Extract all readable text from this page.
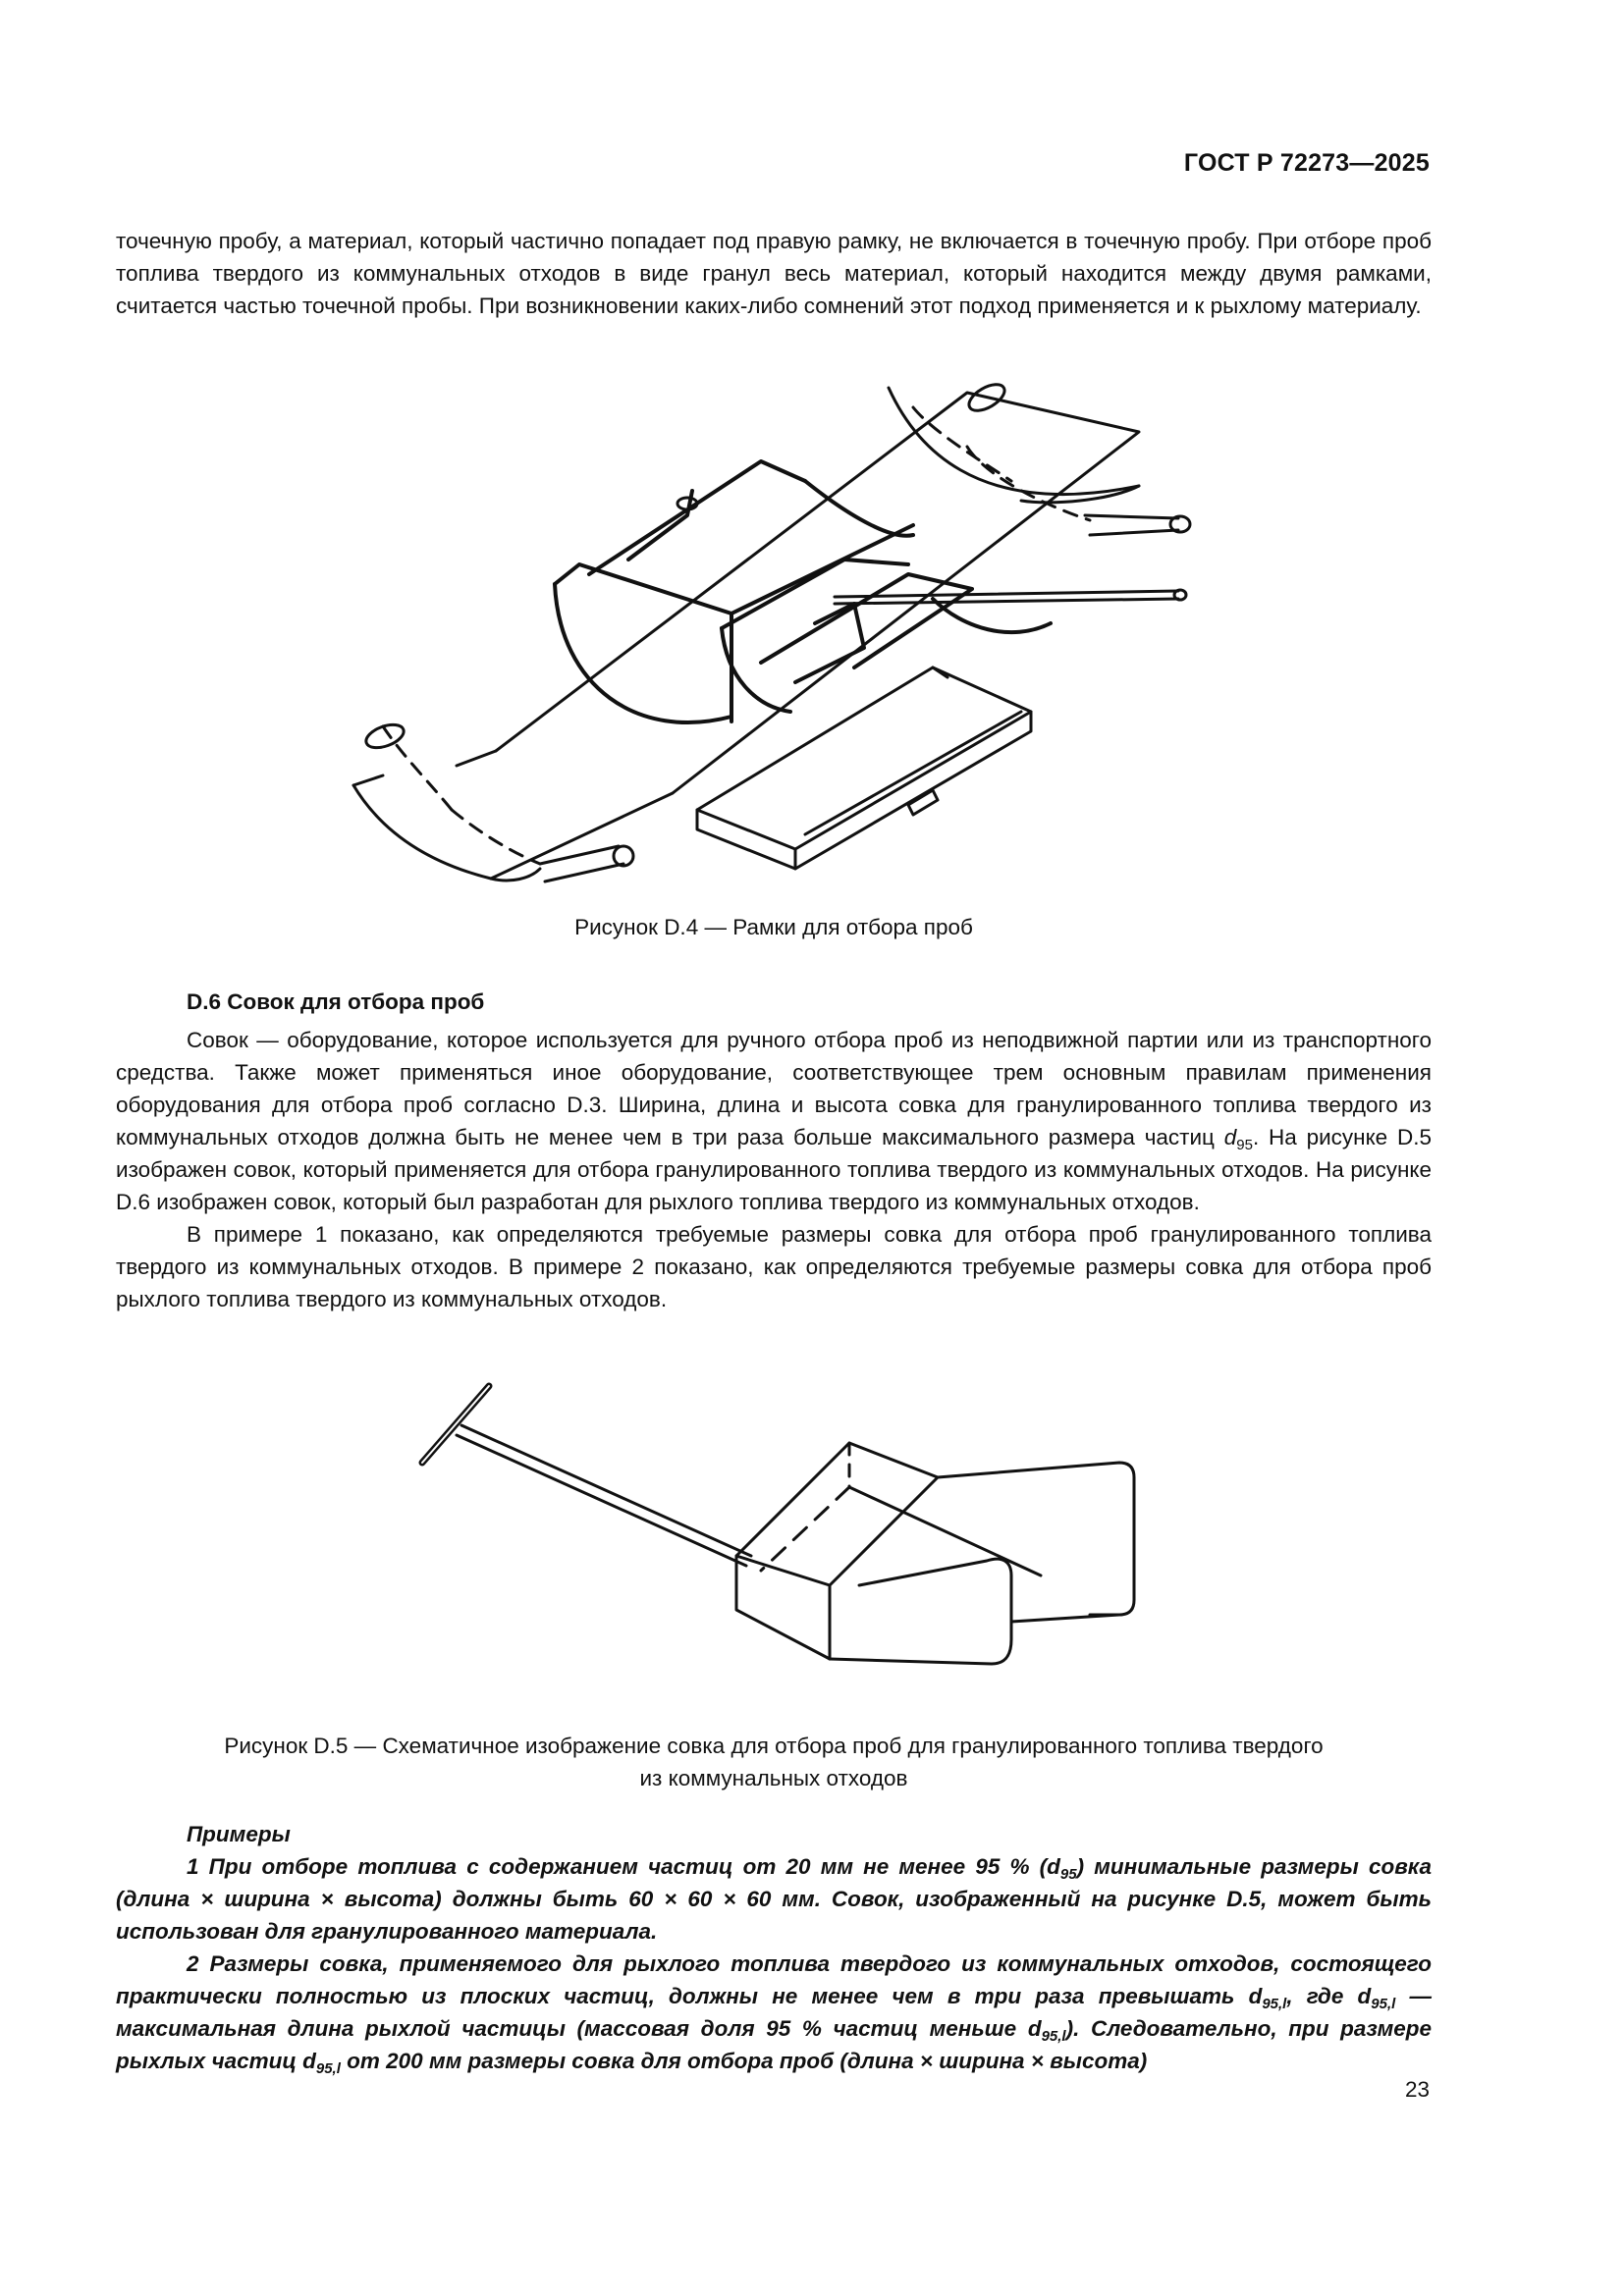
ГОСТ Р 72273—2025

точечную пробу, а материал, который частично попадает под правую рамку, не включается в точечную пробу. При отборе проб топлива твердого из коммунальных отходов в виде гранул весь материал, который находится между двумя рамками, считается частью точечной пробы. При возникновении каких-либо сомнений этот подход применяется и к рыхлому материалу.

Рисунок D.4 — Рамки для отбора проб
D.6 Совок для отбора проб

Совок — оборудование, которое используется для ручного отбора проб из неподвижной партии или из транспортного средства. Также может применяться иное оборудование, соответствующее трем основным правилам применения оборудования для отбора проб согласно D.3. Ширина, длина и высота совка для гранулированного топлива твердого из коммунальных отходов должна быть не менее чем в три раза больше максимального размера частиц $d_{95}$. На рисунке D.5 изображен совок, который применяется для отбора гранулированного топлива твердого из коммунальных отходов. На рисунке D.6 изображен совок, который был разработан для рыхлого топлива твердого из коммунальных отходов.

В примере 1 показано, как определяются требуемые размеры совка для отбора проб гранулированного топлива твердого из коммунальных отходов. В примере 2 показано, как определяются требуемые размеры совка для отбора проб рыхлого топлива твердого из коммунальных отходов.

Рисунок D.5 — Схематичное изображение совка для отбора проб для гранулированного топлива твердого
из коммунальных отходов

Примеры

1 При отборе топлива с содержанием частиц от 20 мм не менее 95 % $(d_{95})$ минимальные размеры совка (длина × ширина × высота) должны быть 60 × 60 × 60 мм. Совок, изображенный на рисунке D.5, может быть использован для гранулированного материала.

2 Размеры совка, применяемого для рыхлого топлива твердого из коммунальных отходов, состоящего практически полностью из плоских частиц, должны не менее чем в три раза превышать $d_{95,l}$, где $d_{95,l}$ — максимальная длина рыхлой частицы (массовая доля 95 % частиц меньше $d_{95,l}$). Следовательно, при размере рыхлых частиц $d_{95,l}$ от 200 мм размеры совка для отбора проб (длина × ширина × высота)

23
